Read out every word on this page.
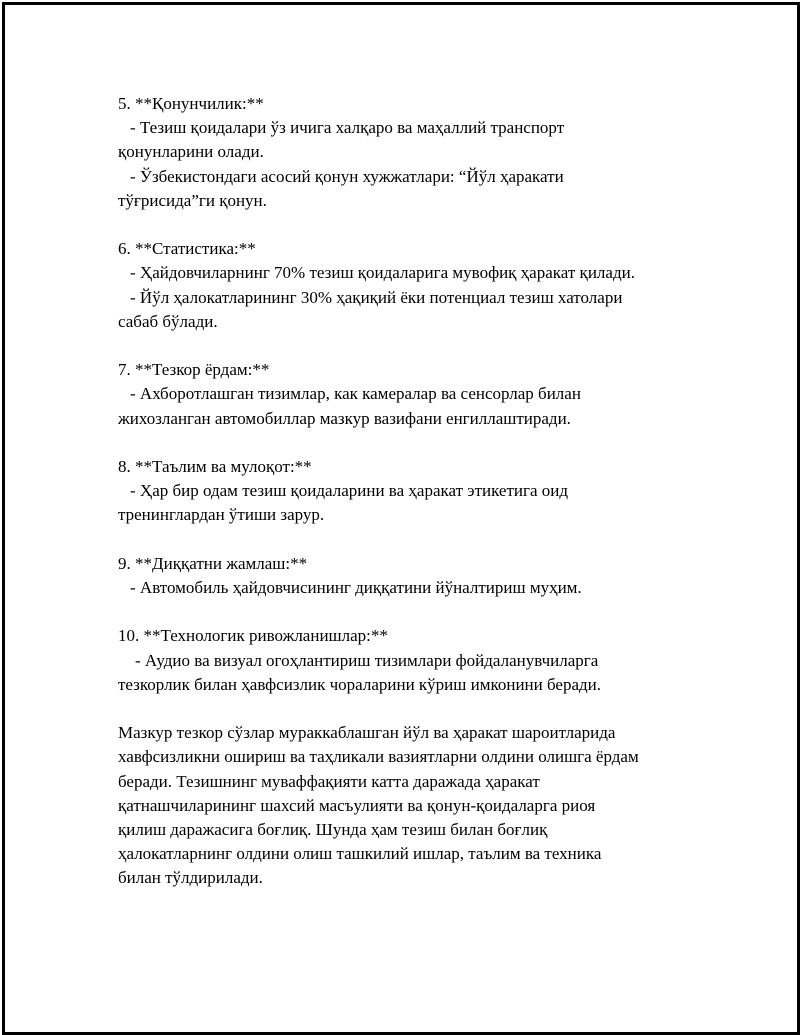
5. **Қонунчилик:**

- Тезиш қоидалари ўз ичига халқаро ва маҳаллий транспорт

қонунларини олади.

- Ўзбекистондаги асосий қонун хужжатлари: “Йўл ҳаракати

тўғрисида”ги қонун.

6. **Статистика:**

- Ҳайдовчиларнинг 70% тезиш қоидаларига мувофиқ ҳаракат қилади.

- Йўл ҳалокатларининг 30% ҳақиқий ёки потенциал тезиш хатолари

сабаб бўлади.

7. **Тезкор ёрдам:**

- Ахборотлашган тизимлар, как камералар ва сенсорлар билан

жихозланган автомобиллар мазкур вазифани енгиллаштиради.

8. **Таълим ва мулоқот:**

- Ҳар бир одам тезиш қоидаларини ва ҳаракат этикетига оид

тренинглардан ўтиши зарур.

9. **Диққатни жамлаш:**

- Автомобиль ҳайдовчисининг диққатини йўналтириш муҳим.

10. **Технологик ривожланишлар:**

- Аудио ва визуал огоҳлантириш тизимлари фойдаланувчиларга

тезкорлик билан ҳавфсизлик чораларини кўриш имконини беради.

Мазкур тезкор сўзлар мураккаблашган йўл ва ҳаракат шароитларида

хавфсизликни ошириш ва таҳликали вазиятларни олдини олишга ёрдам

беради. Тезишнинг муваффақияти катта даражада ҳаракат

қатнашчиларининг шахсий масъулияти ва қонун-қоидаларга риоя

қилиш даражасига боғлиқ. Шунда ҳам тезиш билан боғлиқ

ҳалокатларнинг олдини олиш ташкилий ишлар, таълим ва техника

билан тўлдирилади.
